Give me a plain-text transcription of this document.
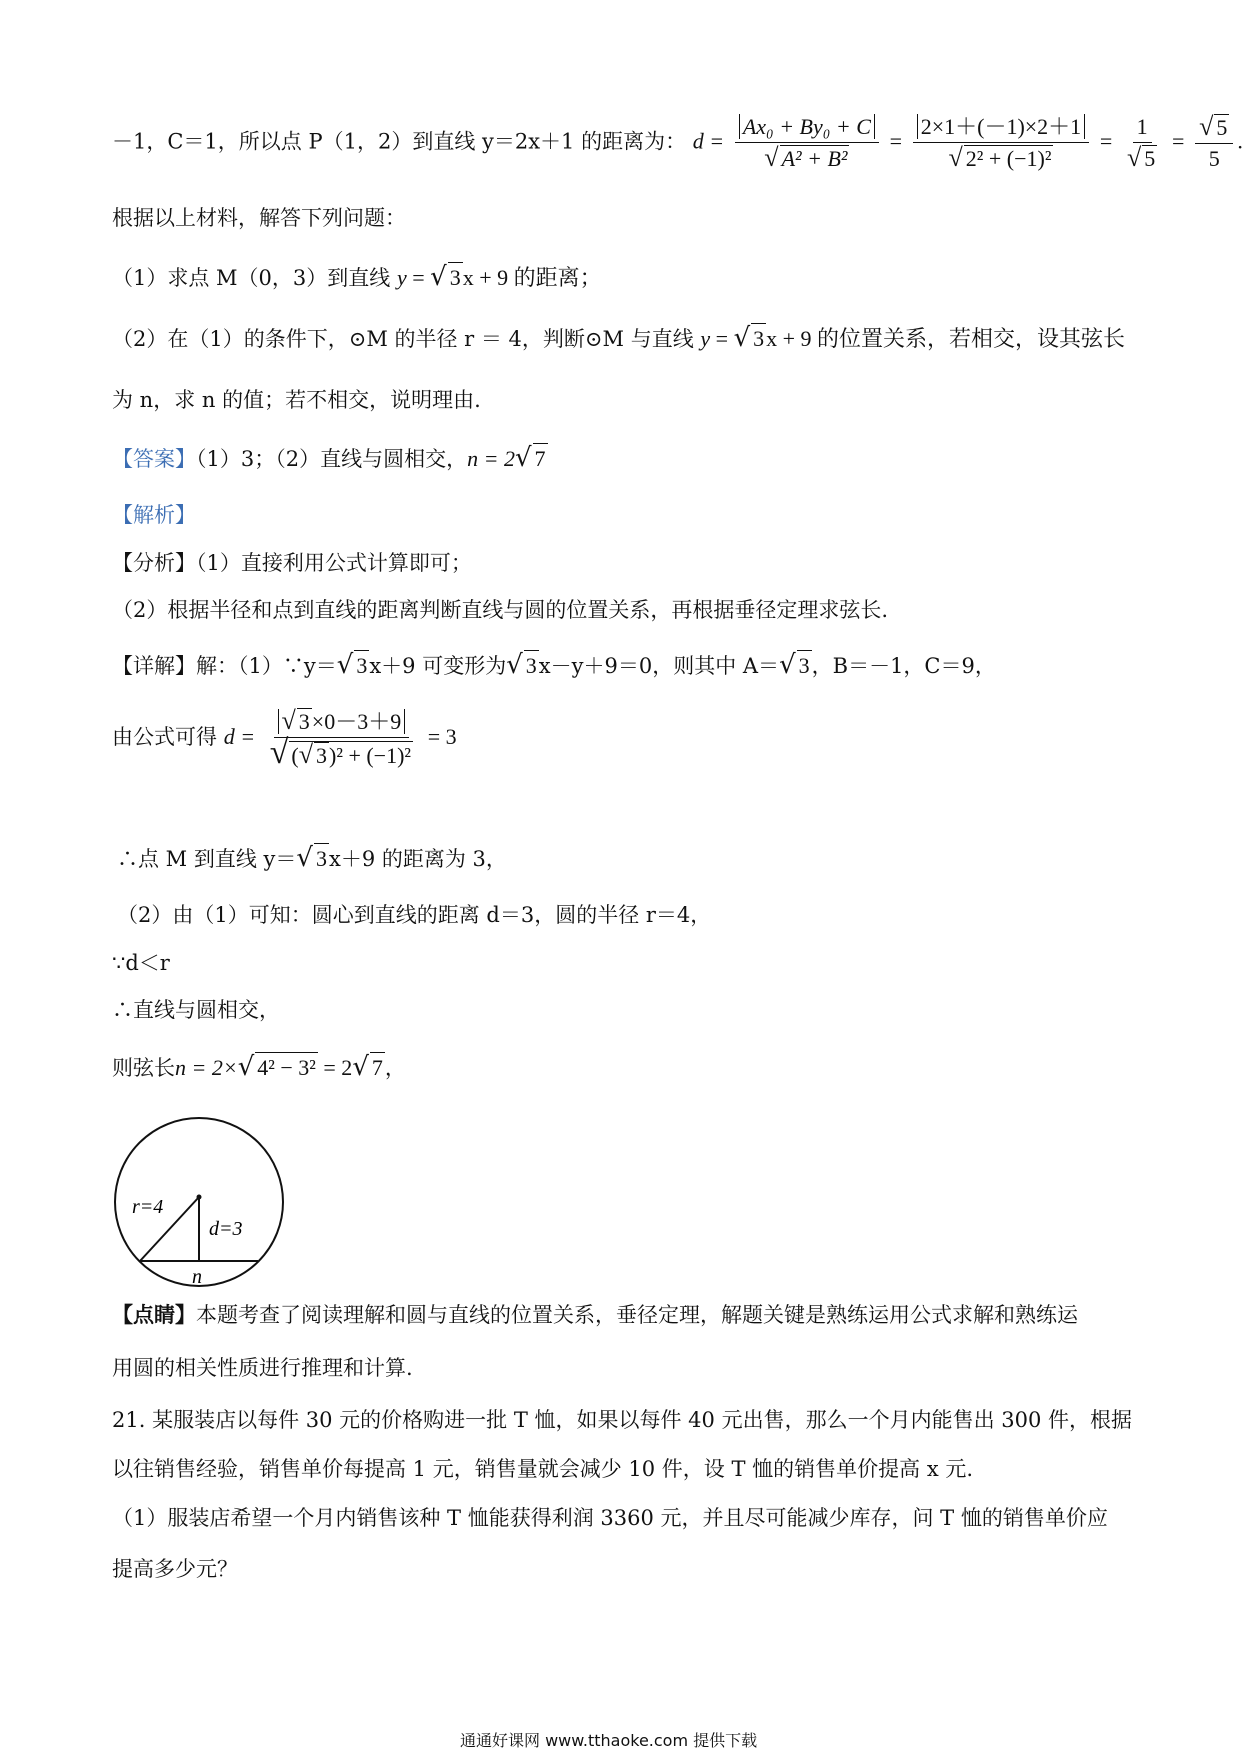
－1，C＝1，所以点 P（1，2）到直线 y＝2x＋1 的距离为： $d = \frac{\text{Ax₀ + By₀ + C}}{\text{√ A² + B²}} = \frac{2\times 1+(-1)\times 2+1}{\text{√ 2² + (−1)²}} = \frac{1}{√ 5} = \frac{√ 5}{5}$ .
根据以上材料，解答下列问题：
（1）求点 M（0，3）到直线 y = √ 3x + 9 的距离；
（2）在（1）的条件下，⊙M 的半径 r ＝ 4，判断⊙M 与直线 y = √ 3x + 9 的位置关系，若相交，设其弦长
为 n，求 n 的值；若不相交，说明理由.
【答案】（1）3；（2）直线与圆相交，n = 2√ 7
【解析】
【分析】（1）直接利用公式计算即可；
（2）根据半径和点到直线的距离判断直线与圆的位置关系，再根据垂径定理求弦长.
【详解】解：（1）∵y＝√ 3x＋9 可变形为√ 3x－y＋9＝0，则其中 A＝√ 3，B＝－1，C＝9，
由公式可得 $d = \frac{√ 3\times 0-3+9}{\text{√ (√ 3)² + (−1)²}} = 3$
∴点 M 到直线 y＝√ 3x＋9 的距离为 3，
（2）由（1）可知：圆心到直线的距离 d＝3，圆的半径 r＝4，
∵d＜r
∴直线与圆相交，
则弦长n = 2×√ 4² − 3² = 2√ 7，
r=4
d=3
n
【点睛】本题考查了阅读理解和圆与直线的位置关系，垂径定理，解题关键是熟练运用公式求解和熟练运
用圆的相关性质进行推理和计算.
21. 某服装店以每件 30 元的价格购进一批 T 恤，如果以每件 40 元出售，那么一个月内能售出 300 件，根据
以往销售经验，销售单价每提高 1 元，销售量就会减少 10 件，设 T 恤的销售单价提高 x 元.
（1）服装店希望一个月内销售该种 T 恤能获得利润 3360 元，并且尽可能减少库存，问 T 恤的销售单价应
提高多少元？
通通好课网 www.tthaoke.com 提供下载
